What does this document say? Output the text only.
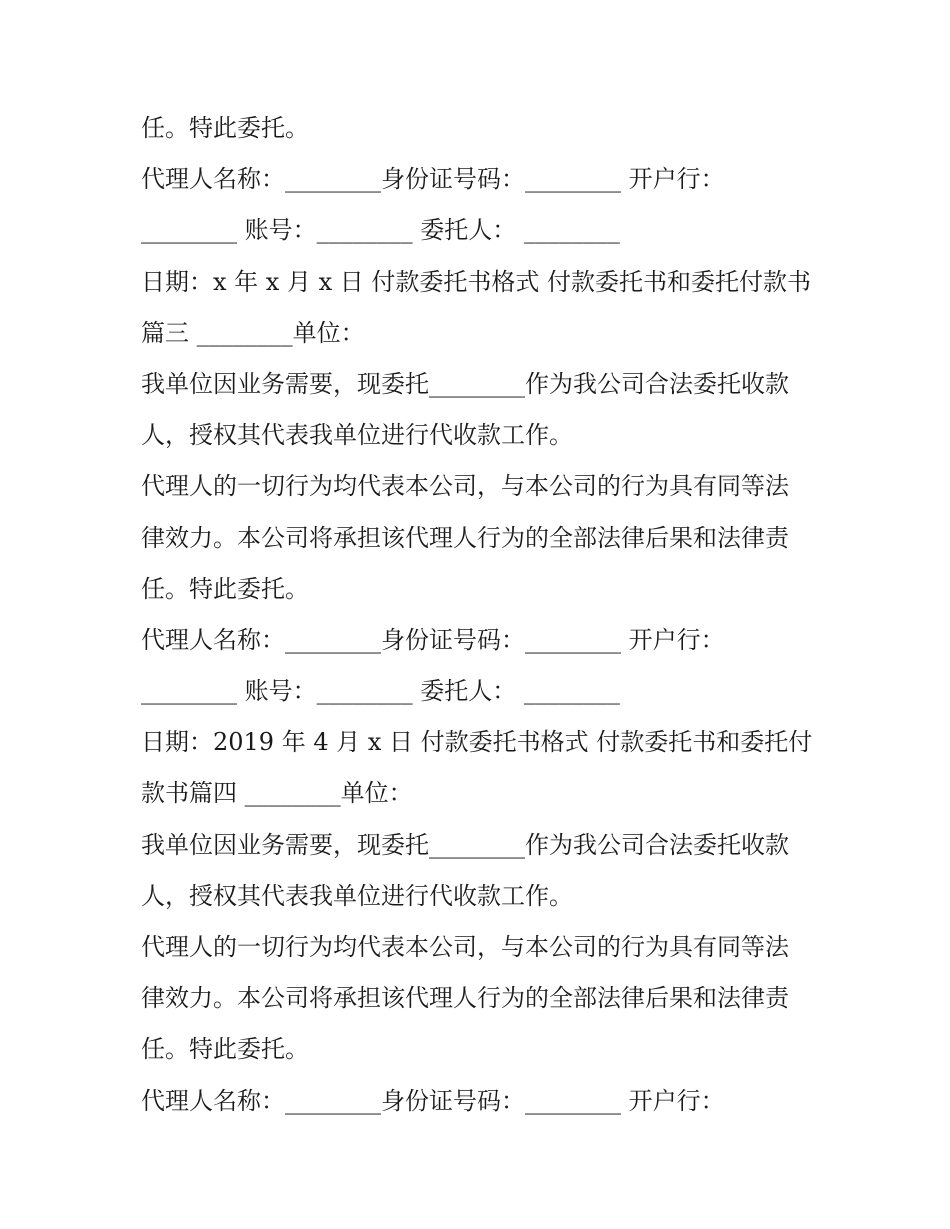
任。特此委托。
代理人名称：________身份证号码：________ 开户行：
________ 账号：________ 委托人： ________
日期：x 年 x 月 x 日 付款委托书格式 付款委托书和委托付款书
篇三 ________单位：
我单位因业务需要，现委托________作为我公司合法委托收款
人，授权其代表我单位进行代收款工作。
代理人的一切行为均代表本公司，与本公司的行为具有同等法
律效力。本公司将承担该代理人行为的全部法律后果和法律责
任。特此委托。
代理人名称：________身份证号码：________ 开户行：
________ 账号：________ 委托人： ________
日期：2019 年 4 月 x 日 付款委托书格式 付款委托书和委托付
款书篇四 ________单位：
我单位因业务需要，现委托________作为我公司合法委托收款
人，授权其代表我单位进行代收款工作。
代理人的一切行为均代表本公司，与本公司的行为具有同等法
律效力。本公司将承担该代理人行为的全部法律后果和法律责
任。特此委托。
代理人名称：________身份证号码：________ 开户行：
